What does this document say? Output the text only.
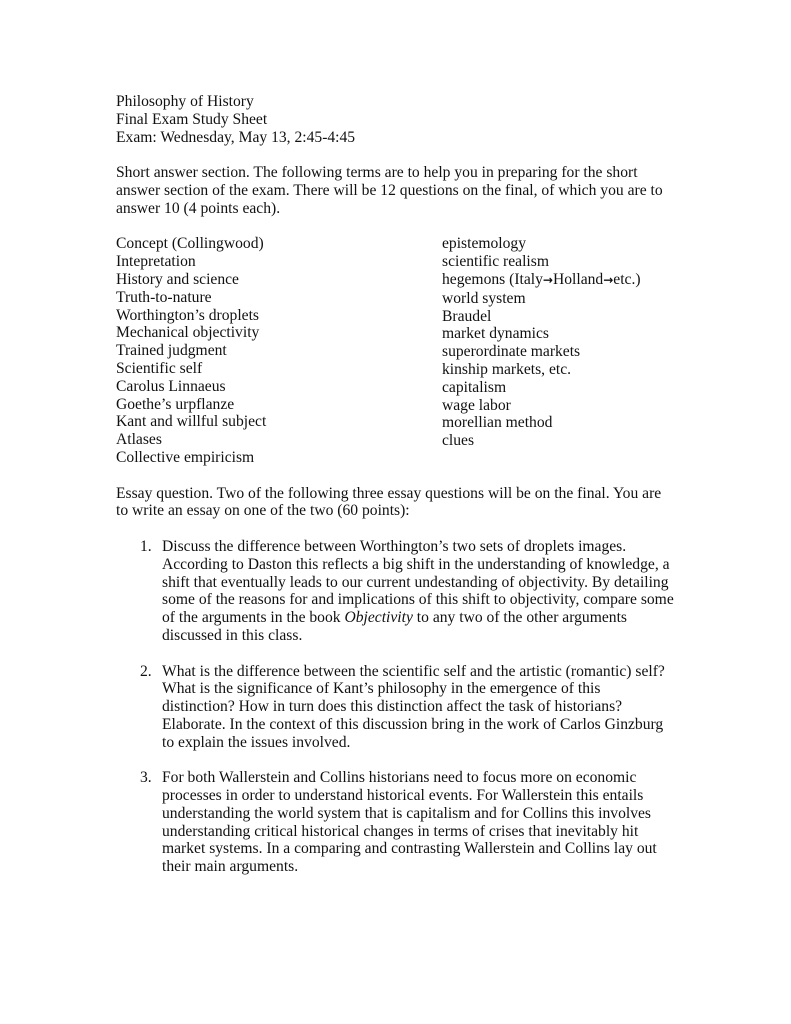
Philosophy of History

Final Exam Study Sheet

Exam: Wednesday, May 13, 2:45-4:45

Short answer section. The following terms are to help you in preparing for the short answer section of the exam. There will be 12 questions on the final, of which you are to answer 10 (4 points each).

Concept (Collingwood)
Intepretation
History and science
Truth-to-nature
Worthington’s droplets
Mechanical objectivity
Trained judgment
Scientific self
Carolus Linnaeus
Goethe’s urpflanze
Kant and willful subject
Atlases
Collective empiricism
epistemology
scientific realism
hegemons (Italy→Holland→etc.)
world system
Braudel
market dynamics
superordinate markets
kinship markets, etc.
capitalism
wage labor
morellian method
clues

Essay question. Two of the following three essay questions will be on the final. You are to write an essay on one of the two (60 points):

1. Discuss the difference between Worthington’s two sets of droplets images. According to Daston this reflects a big shift in the understanding of knowledge, a shift that eventually leads to our current undestanding of objectivity. By detailing some of the reasons for and implications of this shift to objectivity, compare some of the arguments in the book Objectivity to any two of the other arguments discussed in this class.
2. What is the difference between the scientific self and the artistic (romantic) self? What is the significance of Kant’s philosophy in the emergence of this distinction? How in turn does this distinction affect the task of historians? Elaborate. In the context of this discussion bring in the work of Carlos Ginzburg to explain the issues involved.
3. For both Wallerstein and Collins historians need to focus more on economic processes in order to understand historical events. For Wallerstein this entails understanding the world system that is capitalism and for Collins this involves understanding critical historical changes in terms of crises that inevitably hit market systems. In a comparing and contrasting Wallerstein and Collins lay out their main arguments.
